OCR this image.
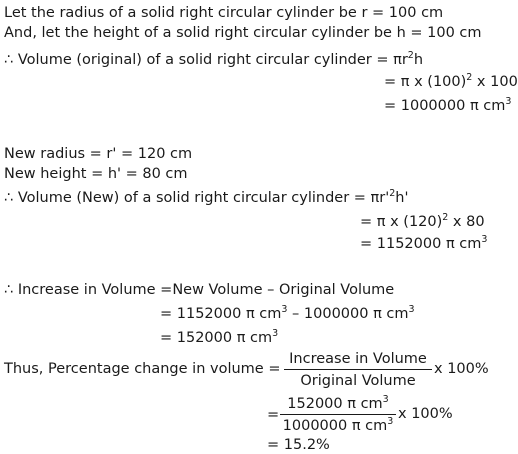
Let the radius of a solid right circular cylinder be r = 100 cm
And, let the height of a solid right circular cylinder be h = 100 cm
∴ Volume (original) of a solid right circular cylinder = $\pi r^2h$
= π x $(100)^2$ x 100
= 1000000 π $cm^3$
New radius = r' = 120 cm
New height = h' = 80 cm
∴ Volume (New) of a solid right circular cylinder = $\pi r'^2h'$
= π x $(120)^2$ x 80
= 1152000 π $cm^3$
∴ Increase in Volume =New Volume – Original Volume
= 1152000 π $cm^3 - 1000000$ π $cm^3$
= 152000 π $cm^3$
Thus, Percentage change in volume =
Increase in Volume
Original Volume
x 100%
=
152000 π $cm^3$
1000000 π $cm^3$ x 100%
= 15.2%
